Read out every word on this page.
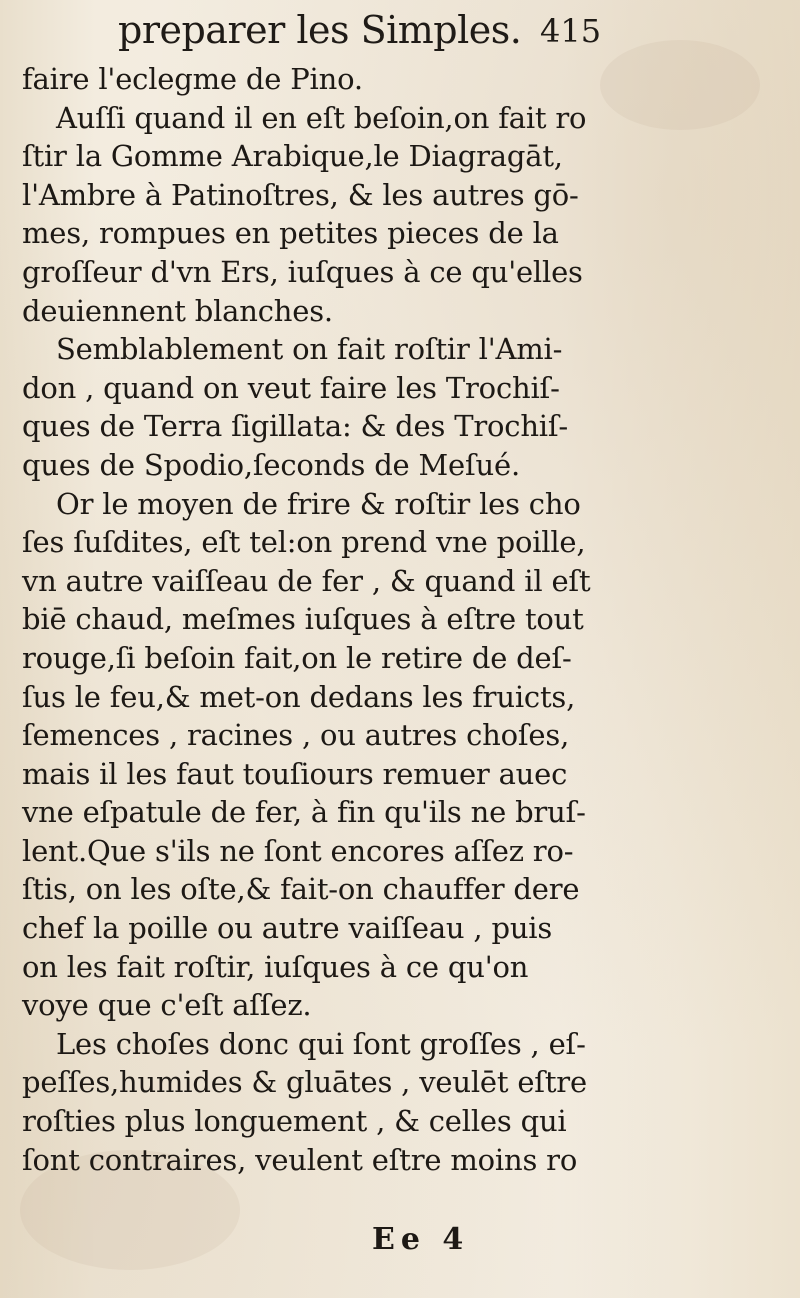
preparer les Simples. 415
faire l'eclegme de Pino.
Auſſi quand il en eſt beſoin,on fait ro
ſtir la Gomme Arabique,le Diagragāt,
l'Ambre à Patinoſtres, & les autres gō-
mes, rompues en petites pieces de la
groſſeur d'vn Ers, iuſques à ce qu'elles
deuiennent blanches.
Semblablement on fait roſtir l'Ami-
don , quand on veut faire les Trochiſ-
ques de Terra ſigillata: & des Trochiſ-
ques de Spodio,ſeconds de Meſué.
Or le moyen de frire & roſtir les cho
ſes ſuſdites, eſt tel:on prend vne poille,
vn autre vaiſſeau de fer , & quand il eſt
biē chaud, meſmes iuſques à eſtre tout
rouge,ſi beſoin fait,on le retire de deſ-
ſus le feu,& met-on dedans les fruicts,
ſemences , racines , ou autres choſes,
mais il les faut touſiours remuer auec
vne eſpatule de fer, à fin qu'ils ne bruſ-
lent.Que s'ils ne ſont encores aſſez ro-
ſtis, on les oſte,& fait-on chauffer dere
chef la poille ou autre vaiſſeau , puis
on les fait roſtir, iuſques à ce qu'on
voye que c'eſt aſſez.
Les choſes donc qui ſont groſſes , eſ-
peſſes,humides & gluātes , veulēt eſtre
roſties plus longuement , & celles qui
ſont contraires, veulent eſtre moins ro
Ee 4
